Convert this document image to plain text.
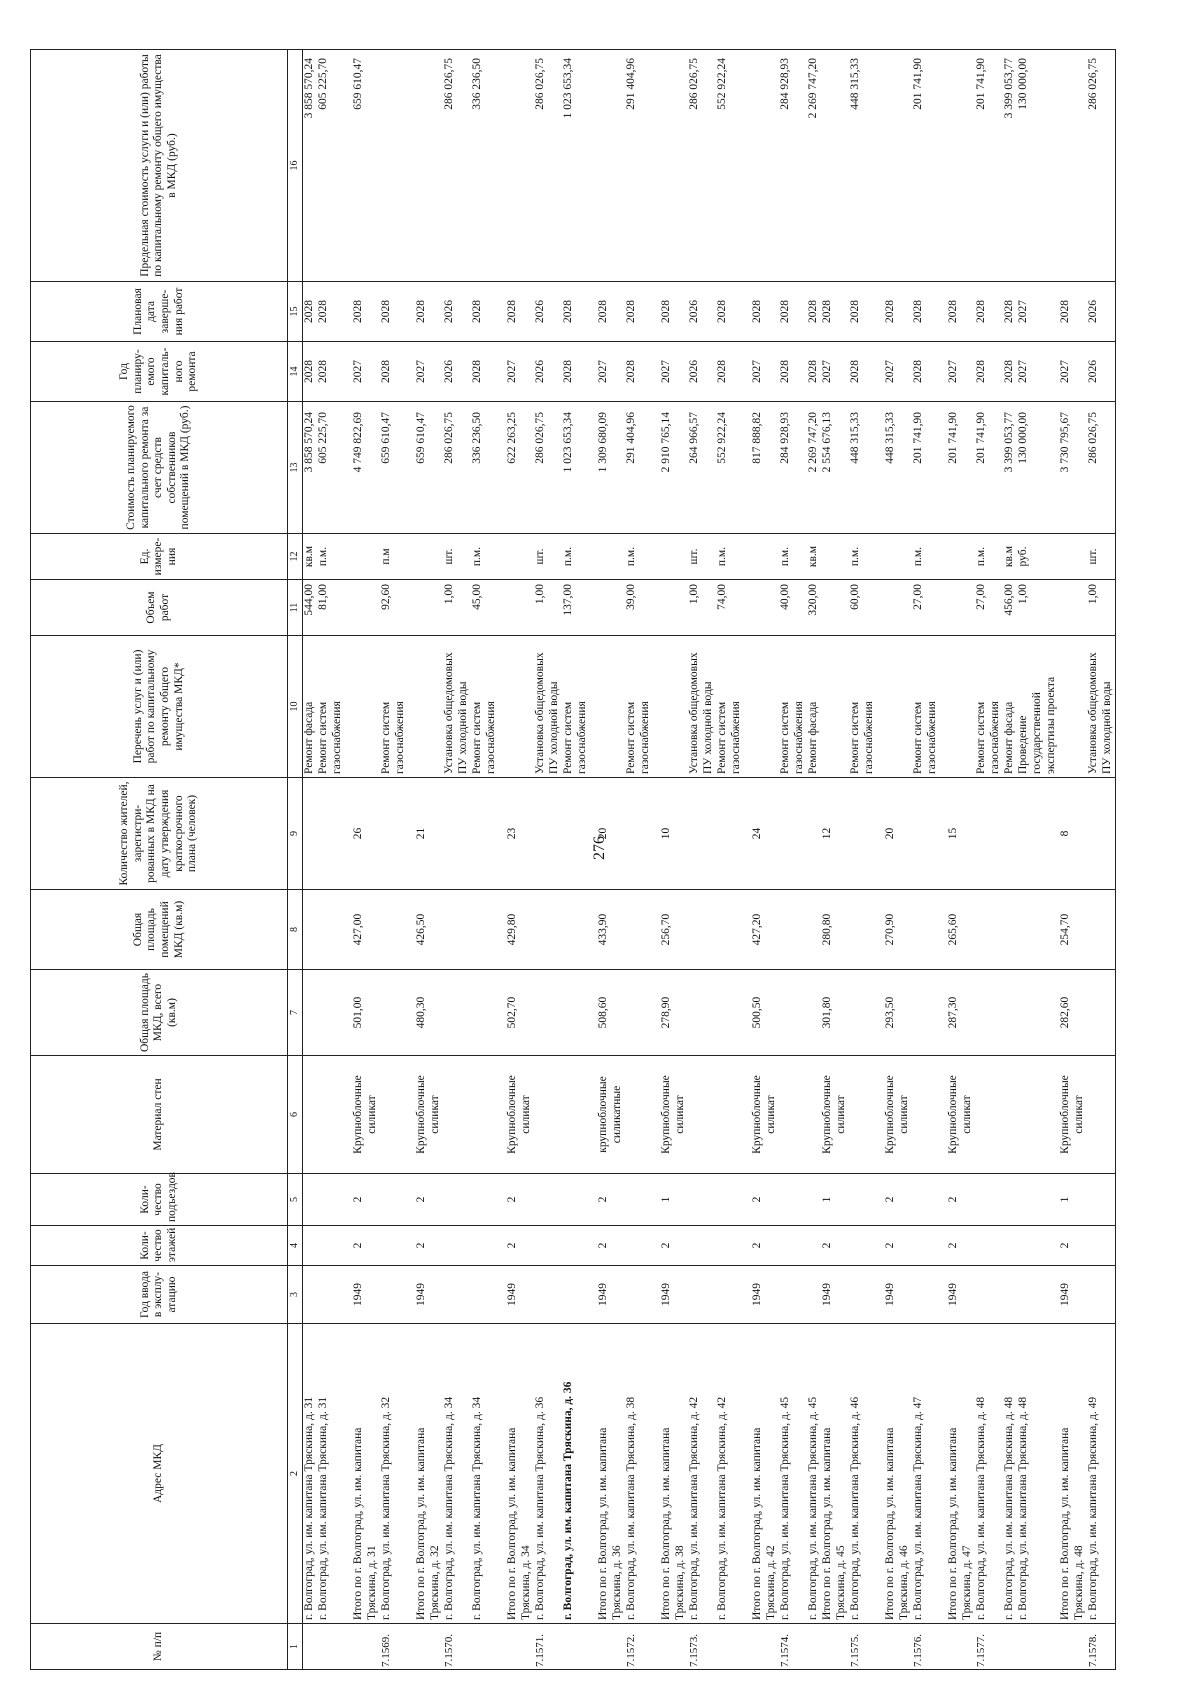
276
№ п/п	Адрес МКД	Год ввода в эксплу-атацию	Коли-чество этажей	Коли-чество подъездов	Материал стен	Общая площадь МКД, всего (кв.м)	Общая площадь помещений МКД (кв.м)	Количество жителей, зарегистри-рованных в МКД на дату утверждения краткосрочного плана (человек)	Перечень услуг и (или) работ по капитальному ремонту общего имущества МКД*	Объем работ	Ед. измере-ния	Стоимость планируемого капитального ремонта за счет средств собственников помещений в МКД (руб.)	Год планиру-емого капиталь-ного ремонта	Плановая дата заверше-ния работ	Предельная стоимость услуги и (или) работы по капитальному ремонту общего имущества в МКД (руб.)
1	2	3	4	5	6	7	8	9	10	11	12	13	14	15	16
	г. Волгоград, ул. им. капитана Тряскина, д. 31								Ремонт фасада	544,00	кв.м	3 858 570,24	2028	2028	3 858 570,24
	г. Волгоград, ул. им. капитана Тряскина, д. 31								Ремонт систем	81,00	п.м.	605 225,70	2028	2028	605 225,70
									газоснабжения						

	Итого по г. Волгоград, ул. им. капитана	1949	2	2	Крупноблочные	501,00	427,00	26				4 749 822,69	2027	2028	659 610,47
	Тряскина, д. 31				силикат										
7.1569.	г. Волгоград, ул. им. капитана Тряскина, д. 32								Ремонт систем	92,60	п.м	659 610,47	2028	2028	
									газоснабжения						

	Итого по г. Волгоград, ул. им. капитана	1949	2	2	Крупноблочные	480,30	426,50	21				659 610,47	2027	2028	
	Тряскина, д. 32				силикат										
7.1570.	г. Волгоград, ул. им. капитана Тряскина, д. 34								Установка общедомовых	1,00	шт.	286 026,75	2026	2026	286 026,75
									ПУ холодной воды						
	г. Волгоград, ул. им. капитана Тряскина, д. 34								Ремонт систем	45,00	п.м.	336 236,50	2028	2028	336 236,50
									газоснабжения						

	Итого по г. Волгоград, ул. им. капитана	1949	2	2	Крупноблочные	502,70	429,80	23				622 263,25	2027	2028	
	Тряскина, д. 34				силикат										
7.1571.	г. Волгоград, ул. им. капитана Тряскина, д. 36								Установка общедомовых	1,00	шт.	286 026,75	2026	2026	286 026,75
									ПУ холодной воды						
	г. Волгоград, ул. им. капитана Тряскина, д. 36								Ремонт систем	137,00	п.м.	1 023 653,34	2028	2028	1 023 653,34
									газоснабжения						

	Итого по г. Волгоград, ул. им. капитана	1949	2	2	крупноблочные	508,60	433,90	20				1 309 680,09	2027	2028	
	Тряскина, д. 36				силикатные										
7.1572.	г. Волгоград, ул. им. капитана Тряскина, д. 38								Ремонт систем	39,00	п.м.	291 404,96	2028	2028	291 404,96
									газоснабжения						

	Итого по г. Волгоград, ул. им. капитана	1949	2	1	Крупноблочные	278,90	256,70	10				2 910 765,14	2027	2028	
	Тряскина, д. 38				силикат										
7.1573.	г. Волгоград, ул. им. капитана Тряскина, д. 42								Установка общедомовых	1,00	шт.	264 966,57	2026	2026	286 026,75
									ПУ холодной воды						
	г. Волгоград, ул. им. капитана Тряскина, д. 42								Ремонт систем	74,00	п.м.	552 922,24	2028	2028	552 922,24
									газоснабжения						

	Итого по г. Волгоград, ул. им. капитана	1949	2	2	Крупноблочные	500,50	427,20	24				817 888,82	2027	2028	
	Тряскина, д. 42				силикат										
7.1574.	г. Волгоград, ул. им. капитана Тряскина, д. 45								Ремонт систем	40,00	п.м.	284 928,93	2028	2028	284 928,93
									газоснабжения						
	г. Волгоград, ул. им. капитана Тряскина, д. 45								Ремонт фасада	320,00	кв.м	2 269 747,20	2028	2028	2 269 747,20
	Итого по г. Волгоград, ул. им. капитана	1949	2	1	Крупноблочные	301,80	280,80	12				2 554 676,13	2027	2028	
	Тряскина, д. 45				силикат										
7.1575.	г. Волгоград, ул. им. капитана Тряскина, д. 46								Ремонт систем	60,00	п.м.	448 315,33	2028	2028	448 315,33
									газоснабжения						

	Итого по г. Волгоград, ул. им. капитана	1949	2	2	Крупноблочные	293,50	270,90	20				448 315,33	2027	2028	
	Тряскина, д. 46				силикат										
7.1576.	г. Волгоград, ул. им. капитана Тряскина, д. 47								Ремонт систем	27,00	п.м.	201 741,90	2028	2028	201 741,90
									газоснабжения						

	Итого по г. Волгоград, ул. им. капитана	1949	2	2	Крупноблочные	287,30	265,60	15				201 741,90	2027	2028	
	Тряскина, д. 47				силикат										
7.1577.	г. Волгоград, ул. им. капитана Тряскина, д. 48								Ремонт систем	27,00	п.м.	201 741,90	2028	2028	201 741,90
									газоснабжения						
	г. Волгоград, ул. им. капитана Тряскина, д. 48								Ремонт фасада	456,00	кв.м	3 399 053,77	2028	2028	3 399 053,77
	г. Волгоград, ул. им. капитана Тряскина, д. 48								Проведение	1,00	руб.	130 000,00	2027	2027	130 000,00
									государственной						
									экспертизы проекта						
	Итого по г. Волгоград, ул. им. капитана	1949	2	1	Крупноблочные	282,60	254,70	8				3 730 795,67	2027	2028	
	Тряскина, д. 48				силикат										
7.1578.	г. Волгоград, ул. им. капитана Тряскина, д. 49								Установка общедомовых	1,00	шт.	286 026,75	2026	2026	286 026,75
									ПУ холодной воды						
